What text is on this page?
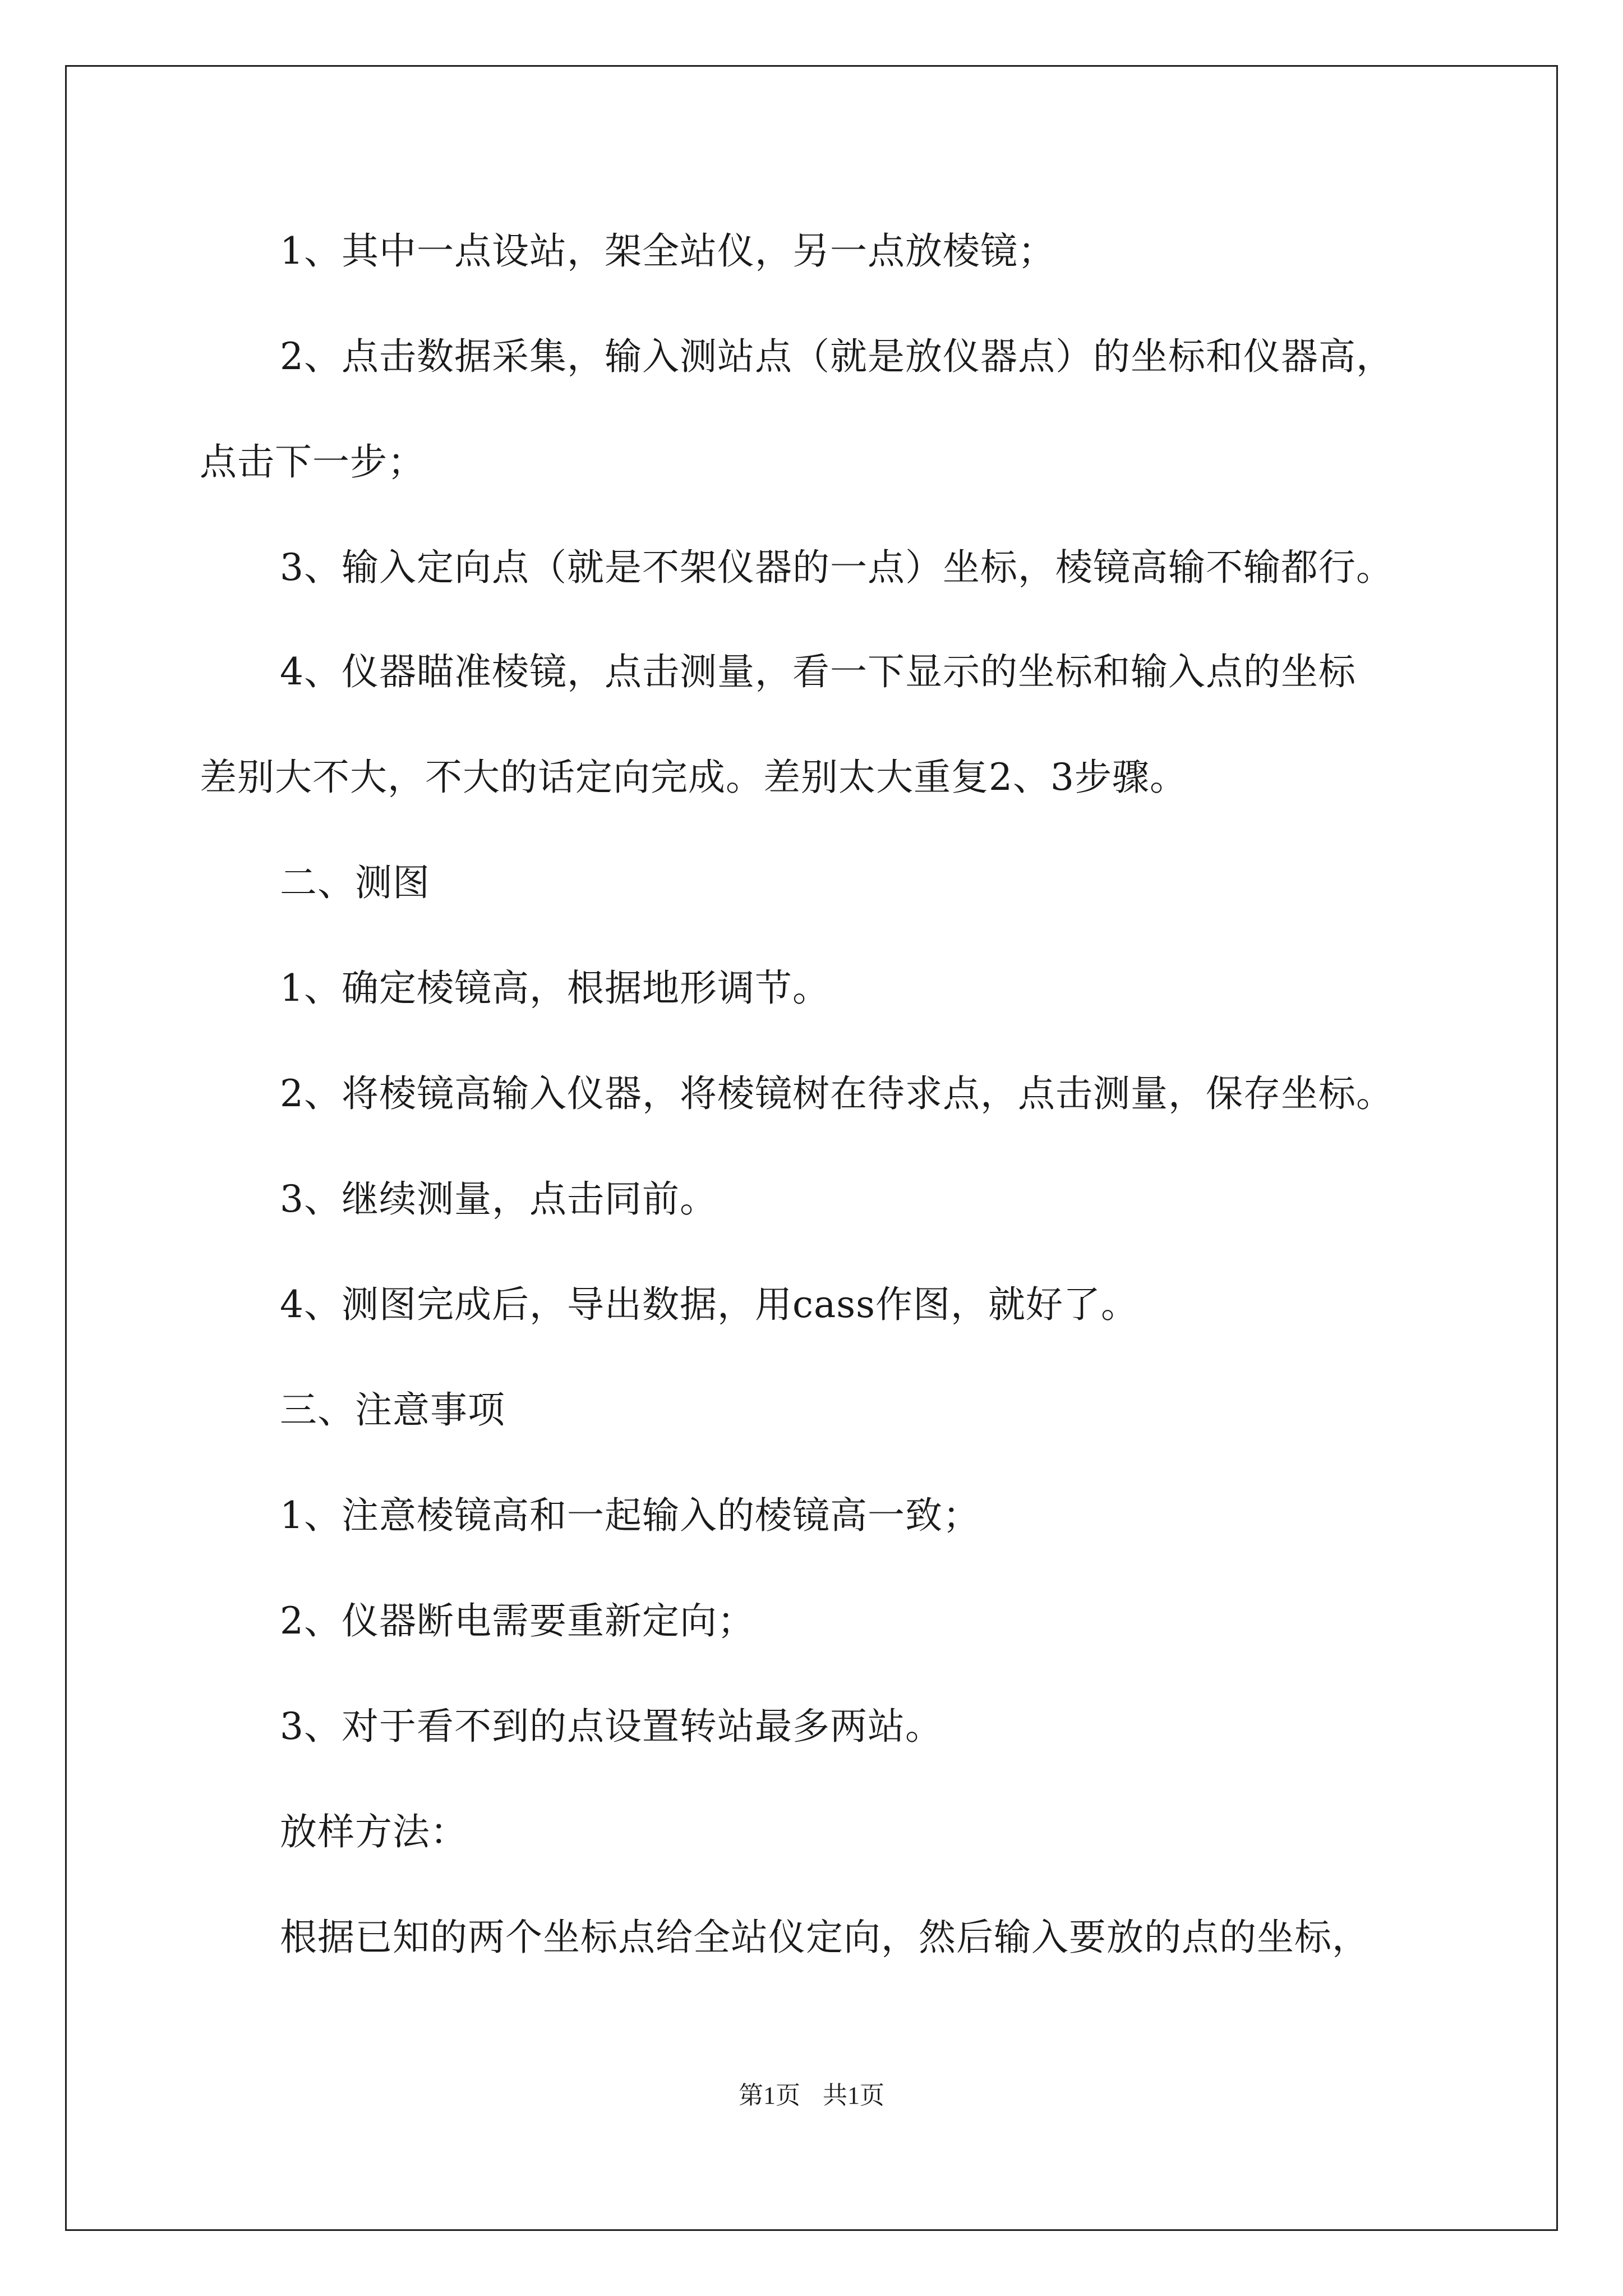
1、其中一点设站，架全站仪，另一点放棱镜；
2、点击数据采集，输入测站点（就是放仪器点）的坐标和仪器高，
点击下一步；
3、输入定向点（就是不架仪器的一点）坐标，棱镜高输不输都行。
4、仪器瞄准棱镜，点击测量，看一下显示的坐标和输入点的坐标
差别大不大，不大的话定向完成。差别太大重复2、3步骤。
二、测图
1、确定棱镜高，根据地形调节。
2、将棱镜高输入仪器，将棱镜树在待求点，点击测量，保存坐标。
3、继续测量，点击同前。
4、测图完成后，导出数据，用cass作图，就好了。
三、注意事项
1、注意棱镜高和一起输入的棱镜高一致；
2、仪器断电需要重新定向；
3、对于看不到的点设置转站最多两站。
放样方法：
根据已知的两个坐标点给全站仪定向，然后输入要放的点的坐标，
第1页 共1页
